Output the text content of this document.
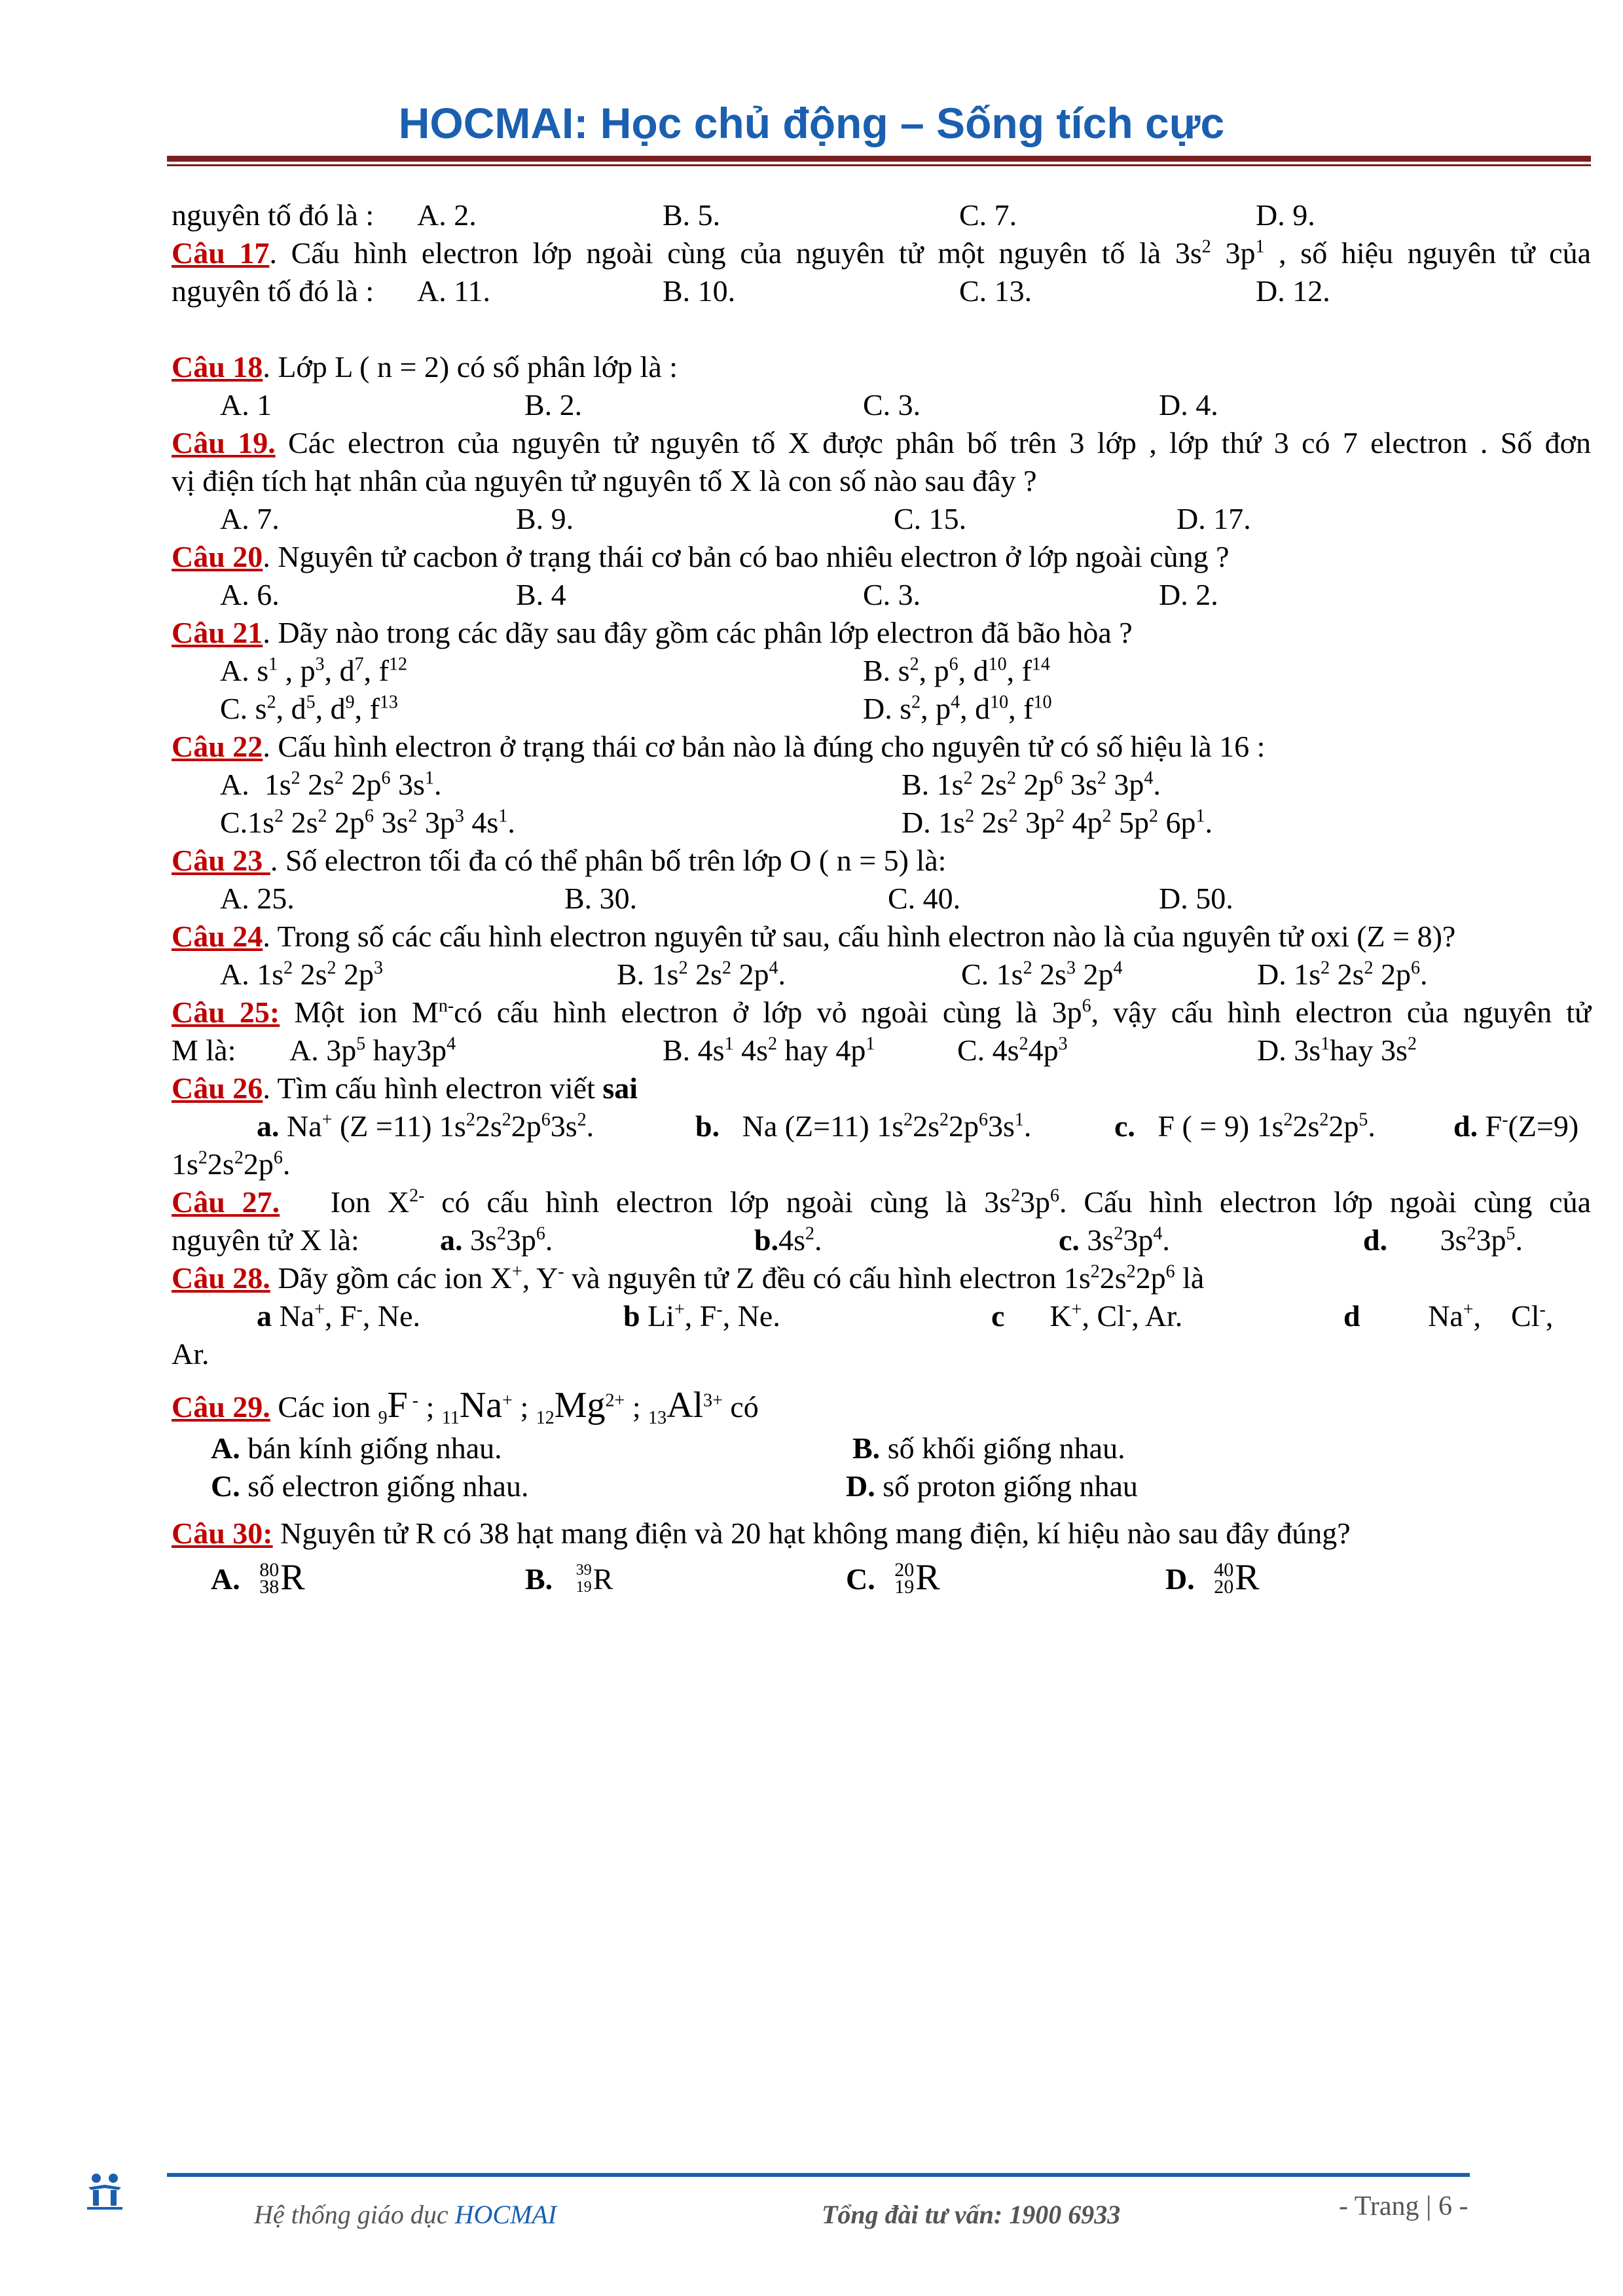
HOCMAI: Học chủ động – Sống tích cực
nguyên tố đó là : A. 2.	B. 5.	C. 7.	D. 9.
Câu 17. Cấu hình electron lớp ngoài cùng của nguyên tử một nguyên tố là $3s^2$ $3p^1$ , số hiệu nguyên tử của
nguyên tố đó là : A. 11.	B. 10.	C. 13.	D. 12.
Câu 18. Lớp L ( n = 2) có số phân lớp là :
A. 1	B. 2.	C. 3.	D. 4.
Câu 19. Các electron của nguyên tử nguyên tố X được phân bố trên 3 lớp , lớp thứ 3 có 7 electron . Số đơn
vị điện tích hạt nhân của nguyên tử nguyên tố X là con số nào sau đây ?
A. 7.	B. 9.	C. 15.	D. 17.
Câu 20. Nguyên tử cacbon ở trạng thái cơ bản có bao nhiêu electron ở lớp ngoài cùng ?
A. 6.	B. 4	C. 3.	D. 2.
Câu 21. Dãy nào trong các dãy sau đây gồm các phân lớp electron đã bão hòa ?
A. $s^1$ , $p^3$, $d^7$, $f^{12}$	B. $s^2$, $p^6$, $d^{10}$, $f^{14}$
C. $s^2$, $d^5$, $d^9$, $f^{13}$	D. $s^2$, $p^4$, $d^{10}$, $f^{10}$
Câu 22. Cấu hình electron ở trạng thái cơ bản nào là đúng cho nguyên tử có số hiệu là 16 :
A.  $1s^2$ $2s^2$ $2p^6$ $3s^1$.	B. $1s^2$ $2s^2$ $2p^6$ $3s^2$ $3p^4$.
$C.1s^2$ $2s^2$ $2p^6$ $3s^2$ $3p^3$ $4s^1$.	D. $1s^2$ $2s^2$ $3p^2$ $4p^2$ $5p^2$ $6p^1$.
Câu 23 . Số electron tối đa có thể phân bố trên lớp O ( n = 5) là:
A. 25.	B. 30.	C. 40.	D. 50.
Câu 24. Trong số các cấu hình electron nguyên tử sau, cấu hình electron nào là của nguyên tử oxi (Z = 8)?
A. $1s^2$ $2s^2$ $2p^3$	B. $1s^2$ $2s^2$ $2p^4$.	C. $1s^2$ $2s^3$ $2p^4$	D. $1s^2$ $2s^2$ $2p^6$.
Câu 25: Một ion $M^{n-}có$ cấu hình electron ở lớp vỏ ngoài cùng là $3p^6$, vậy cấu hình electron của nguyên tử
M là: A. $3p^5$ $hay3p^4$	B. $4s^1$ $4s^2$ hay $4p^1$	C. $4s^24p^3$	D. $3s^1hay$ $3s^2$
Câu 26. Tìm cấu hình electron viết sai
a. Na+ (Z =11) $1s^22s^22p^63s^2$.	b.   Na (Z=11) $1s^22s^22p^63s^1$.	c.   F ( = 9) $1s^22s^22p^5$.	d. F-(Z=9)
$1s^22s^22p^6$.
Câu 27. Ion $X^{2-}$ có cấu hình electron lớp ngoài cùng là $3s^23p^6$. Cấu hình electron lớp ngoài cùng của
nguyên tử X là:	a. $3s^23p^6$.	$b.4s^2$.	c. $3s^23p^4$.	d.       $3s^23p^5$.
Câu 28. Dãy gồm các ion X+, Y- và nguyên tử Z đều có cấu hình electron $1s^22s^22p^6$ là
a Na+, F-, Ne.	b Li+, F-, Ne.	c      K+, Cl-, Ar.	d         Na+,    Cl-,
Ar.
Câu 29. Các ion $_9$F - ; $_{11}$Na+ ; $_{12}Mg^{2+}$ ; $_{13}Al^{3+}$ có
A. bán kính giống nhau.	B. số khối giống nhau.
C. số electron giống nhau.	D. số proton giống nhau
Câu 30: Nguyên tử R có 38 hạt mang điện và 20 hạt không mang điện, kí hiệu nào sau đây đúng?
A. 80
38 R	B. 39
19 R	C. 20
19 R	D. 40
20 R
Hệ thống giáo dục HOCMAI	Tổng đài tư vấn: 1900 6933	- Trang | 6 -
